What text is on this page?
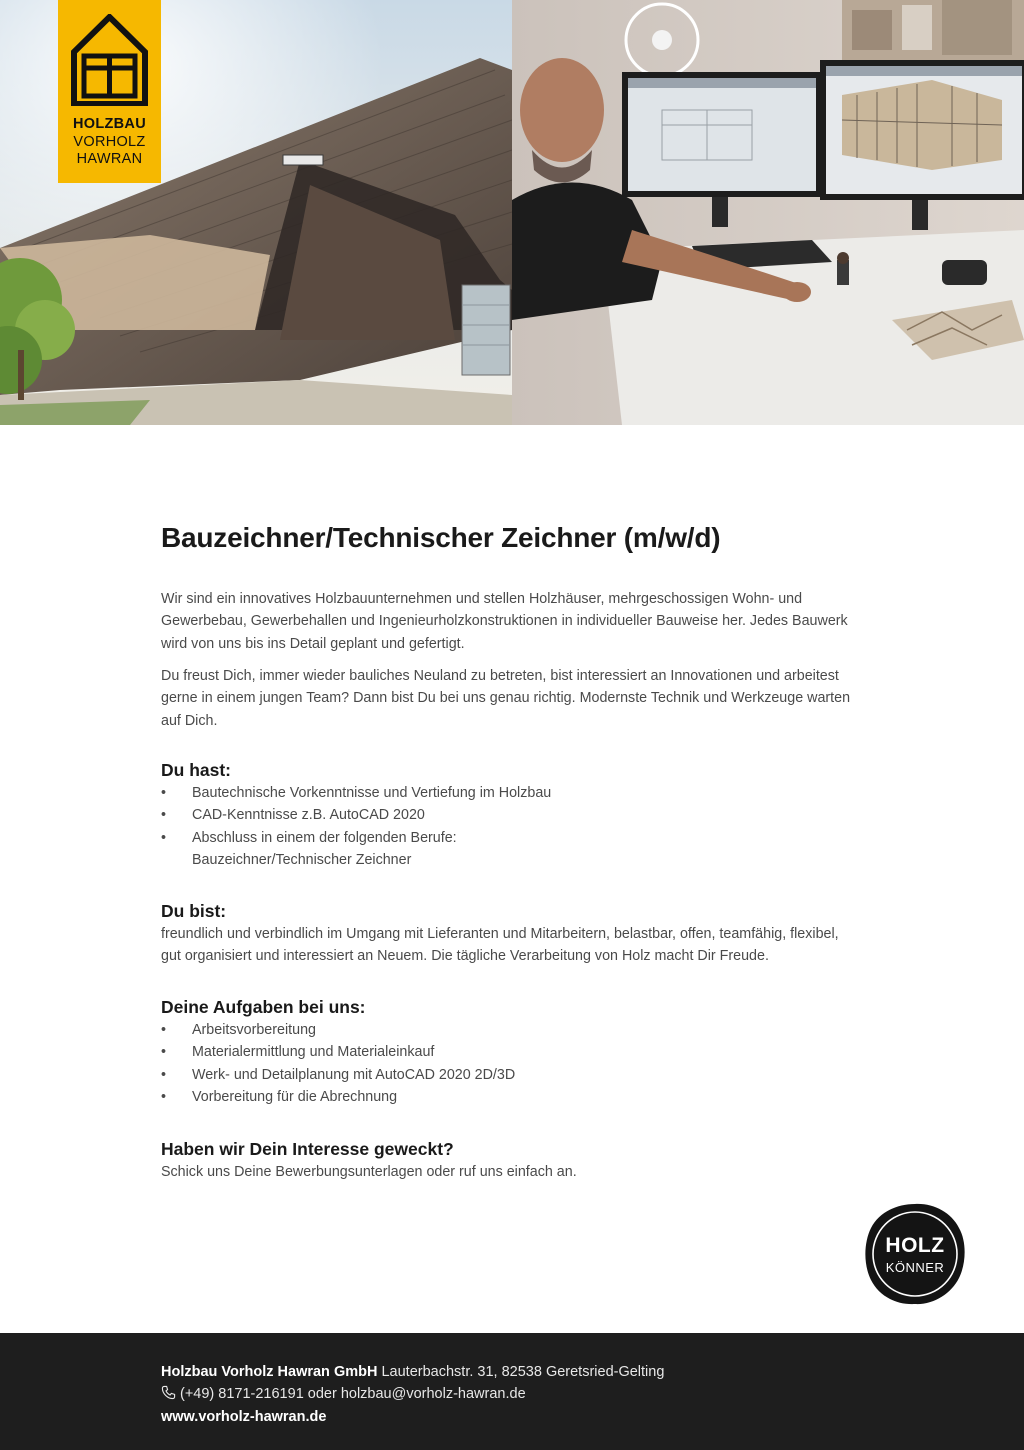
HOLZBAU
VORHOLZ
HAWRAN
Bauzeichner/Technischer Zeichner (m/w/d)

Wir sind ein innovatives Holzbauunternehmen und stellen Holzhäuser, mehrgeschossigen Wohn- und Gewerbebau, Gewerbehallen und Ingenieurholzkonstruktionen in individueller Bauweise her. Jedes Bauwerk wird von uns bis ins Detail geplant und gefertigt.

Du freust Dich, immer wieder bauliches Neuland zu betreten, bist interessiert an Innovationen und arbeitest gerne in einem jungen Team? Dann bist Du bei uns genau richtig. Modernste Technik und Werkzeuge warten auf Dich.

Du hast:
• Bautechnische Vorkenntnisse und Vertiefung im Holzbau
• CAD-Kenntnisse z.B. AutoCAD 2020
• Abschluss in einem der folgenden Berufe:
Bauzeichner/Technischer Zeichner
Du bist:

freundlich und verbindlich im Umgang mit Lieferanten und Mitarbeitern, belastbar, offen, teamfähig, flexibel, gut organisiert und interessiert an Neuem. Die tägliche Verarbeitung von Holz macht Dir Freude.

Deine Aufgaben bei uns:
• Arbeitsvorbereitung
• Materialermittlung und Materialeinkauf
• Werk- und Detailplanung mit AutoCAD 2020 2D/3D
• Vorbereitung für die Abrechnung
Haben wir Dein Interesse geweckt?

Schick uns Deine Bewerbungsunterlagen oder ruf uns einfach an.

HOLZ
KÖNNER
Holzbau Vorholz Hawran GmbH Lauterbachstr. 31, 82538 Geretsried-Gelting
(+49) 8171-216191 oder holzbau@vorholz-hawran.de
www.vorholz-hawran.de
